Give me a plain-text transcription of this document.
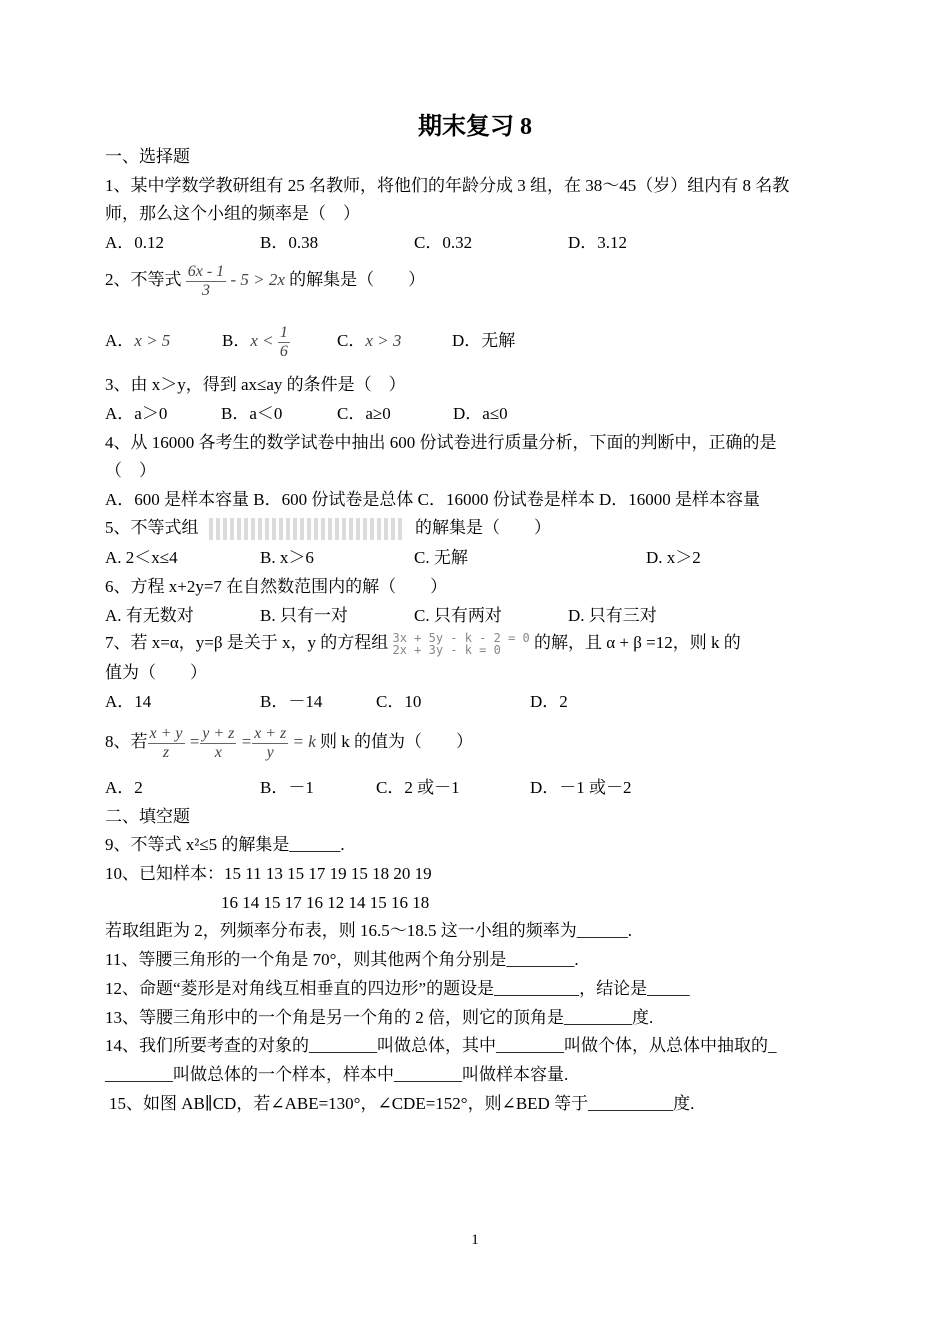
期末复习 8
一、选择题
1、某中学数学教研组有 25 名教师，将他们的年龄分成 3 组，在 38～45（岁）组内有 8 名教
师，那么这个小组的频率是（　）
A．0.12	B．0.38	C．0.32	D．3.12
2、不等式 $\frac{6x - 1}{3} - 5 > 2x$ 的解集是（　　）
A．x > 5	B．$x < \frac{1}{6}$	C．x > 3	D．无解
3、由 x＞y，得到 ax≤ay 的条件是（　）
A．a＞0	B．a＜0	C．a≥0	D．a≤0
4、从 16000 各考生的数学试卷中抽出 600 份试卷进行质量分析，下面的判断中，正确的是
（　）
A．600 是样本容量 B．600 份试卷是总体 C．16000 份试卷是样本 D．16000 是样本容量
5、不等式组	的解集是（　　）
A. 2＜x≤4	B. x＞6	C. 无解	D. x＞2
6、方程 x+2y=7 在自然数范围内的解（　　）
A. 有无数对	B. 只有一对	C. 只有两对	D. 只有三对
7、若 x=α，y=β 是关于 x，y 的方程组 3x + 5y - k - 2 = 0
2x + 3y - k = 0	的解，且 α + β =12，则 k 的
值为（　　）
A．14	B．－14	C．10	D．2
8、若 $\frac{x + y}{z} = \frac{y + z}{x} = \frac{x + z}{y} = k$ 则 k 的值为（　　）
A．2	B．－1	C．2 或－1	D．－1 或－2
二、填空题
9、不等式 x²≤5 的解集是______.
10、已知样本：15 11 13 15 17 19 15 18 20 19
16 14 15 17 16 12 14 15 16 18
若取组距为 2，列频率分布表，则 16.5～18.5 这一小组的频率为______.
11、等腰三角形的一个角是 70°，则其他两个角分别是________.
12、命题“菱形是对角线互相垂直的四边形”的题设是__________，结论是_____
13、等腰三角形中的一个角是另一个角的 2 倍，则它的顶角是________度.
14、我们所要考查的对象的________叫做总体，其中________叫做个体，从总体中抽取的_
________叫做总体的一个样本，样本中________叫做样本容量.
15、如图 AB∥CD，若∠ABE=130°，∠CDE=152°，则∠BED 等于__________度.
1
